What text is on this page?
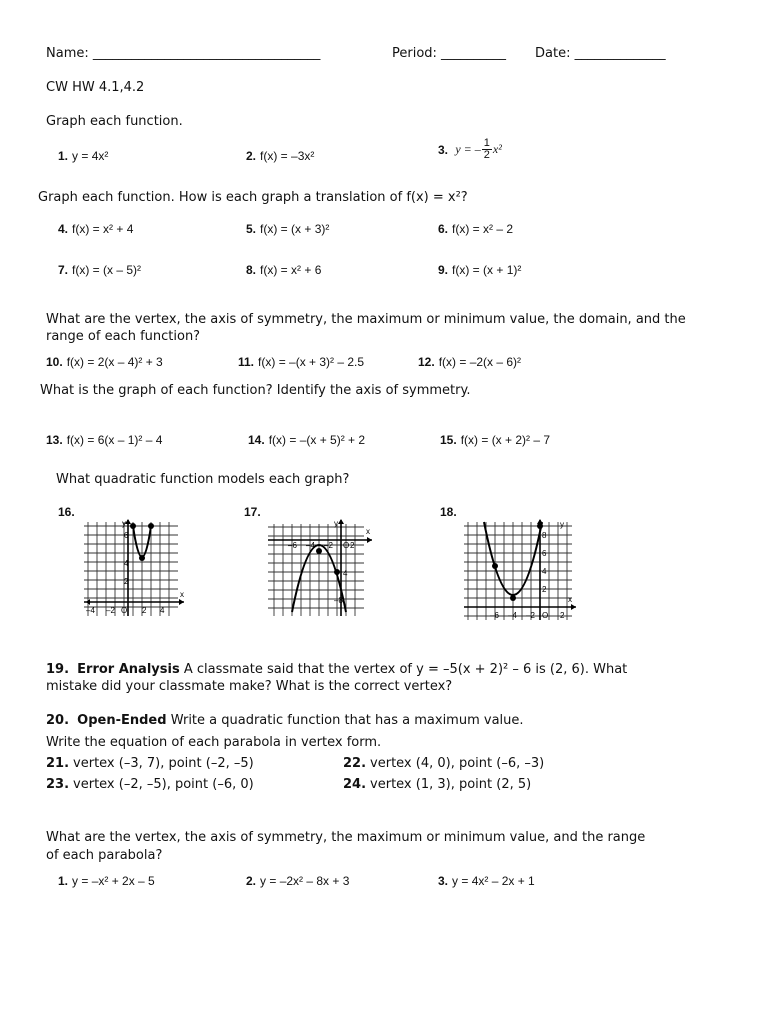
Name: ___________________________________	Period: __________ Date: ______________
CW HW 4.1,4.2
Graph each function.
1. y = 4x²	2. f(x) = –3x²	3. y = – $\frac{1}{2} x^2$
Graph each function. How is each graph a translation of f(x) = x²?
4. f(x) = x² + 4	5. f(x) = (x + 3)²	6. f(x) = x² – 2
7. f(x) = (x – 5)²	8. f(x) = x² + 6	9. f(x) = (x + 1)²
What are the vertex, the axis of symmetry, the maximum or minimum value, the domain, and the
range of each function?
10. f(x) = 2(x – 4)² + 3	11. f(x) = –(x + 3)² – 2.5	12. f(x) = –2(x – 6)²
What is the graph of each function? Identify the axis of symmetry.
13. f(x) = 6(x – 1)² – 4	14. f(x) = –(x + 5)² + 2	15. f(x) = (x + 2)² – 7
What quadratic function models each graph?
16.	17.	18.
y
x
6
4
2
–4 –2 O 2 4
y
x
–6 –4 –2 O 2
4
–8
y
x
8
6
4
2
–6 –4 –2 O 2
19. Error Analysis A classmate said that the vertex of y = –5(x + 2)² – 6 is (2, 6). What
mistake did your classmate make? What is the correct vertex?
20. Open-Ended Write a quadratic function that has a maximum value.
Write the equation of each parabola in vertex form.
21. vertex (–3, 7), point (–2, –5)	22. vertex (4, 0), point (–6, –3)
23. vertex (–2, –5), point (–6, 0)	24. vertex (1, 3), point (2, 5)
What are the vertex, the axis of symmetry, the maximum or minimum value, and the range
of each parabola?
1. y = –x² + 2x – 5	2. y = –2x² – 8x + 3	3. y = 4x² – 2x + 1
